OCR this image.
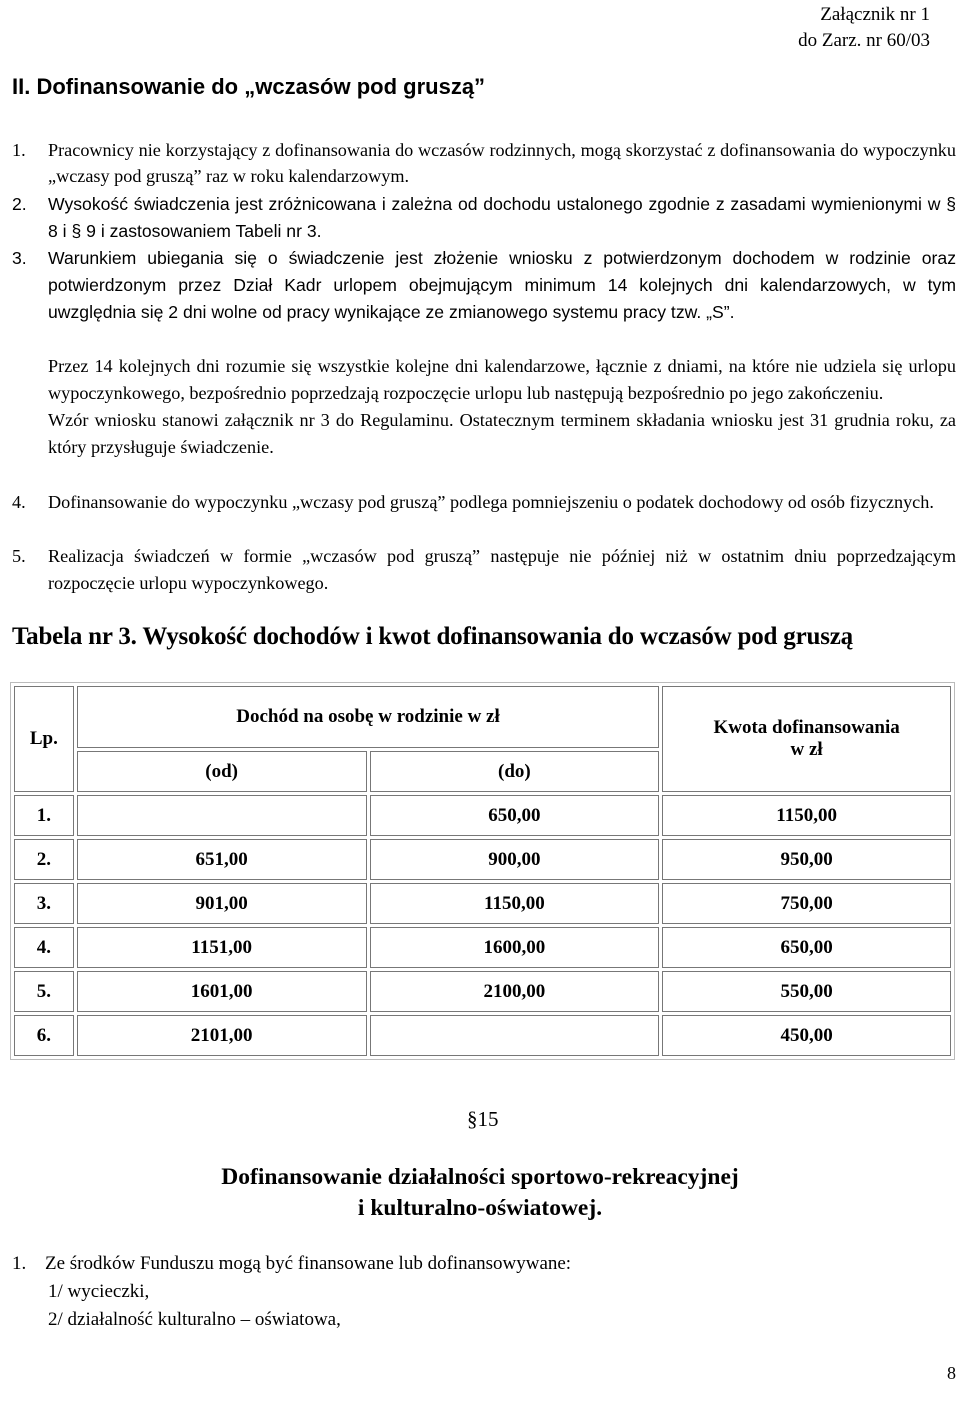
Załącznik nr 1
do Zarz. nr 60/03
II. Dofinansowanie do „wczasów pod gruszą”
1. Pracownicy nie korzystający z dofinansowania do wczasów rodzinnych, mogą skorzystać z dofinansowania do wypoczynku „wczasy pod gruszą” raz w roku kalendarzowym.
2. Wysokość świadczenia jest zróżnicowana i zależna od dochodu ustalonego zgodnie z zasadami wymienionymi w § 8 i § 9 i zastosowaniem Tabeli nr 3.
3. Warunkiem ubiegania się o świadczenie jest złożenie wniosku z potwierdzonym dochodem w rodzinie oraz potwierdzonym przez Dział Kadr urlopem obejmującym minimum 14 kolejnych dni kalendarzowych, w tym uwzględnia się 2 dni wolne od pracy wynikające ze zmianowego systemu pracy tzw. „S”.

Przez 14 kolejnych dni rozumie się wszystkie kolejne dni kalendarzowe, łącznie z dniami, na które nie udziela się urlopu wypoczynkowego, bezpośrednio poprzedzają rozpoczęcie urlopu lub następują bezpośrednio po jego zakończeniu.

Wzór wniosku stanowi załącznik nr 3 do Regulaminu. Ostatecznym terminem składania wniosku jest 31 grudnia roku, za który przysługuje świadczenie.

4. Dofinansowanie do wypoczynku „wczasy pod gruszą” podlega pomniejszeniu o podatek dochodowy od osób fizycznych.
5. Realizacja świadczeń w formie „wczasów pod gruszą” następuje nie później niż w ostatnim dniu poprzedzającym rozpoczęcie urlopu wypoczynkowego.
Tabela nr 3. Wysokość dochodów i kwot dofinansowania do wczasów pod gruszą
Lp.	Dochód na osobę w rodzinie w zł		Kwota dofinansowania
w zł
	(od)	(do)	
1.		650,00	1150,00
2.	651,00	900,00	950,00
3.	901,00	1150,00	750,00
4.	1151,00	1600,00	650,00
5.	1601,00	2100,00	550,00
6.	2101,00		450,00
§15
Dofinansowanie działalności sportowo-rekreacyjnej
i kulturalno-oświatowej.
1. Ze środków Funduszu mogą być finansowane lub dofinansowywane:
1/ wycieczki,
2/ działalność kulturalno – oświatowa,
8
